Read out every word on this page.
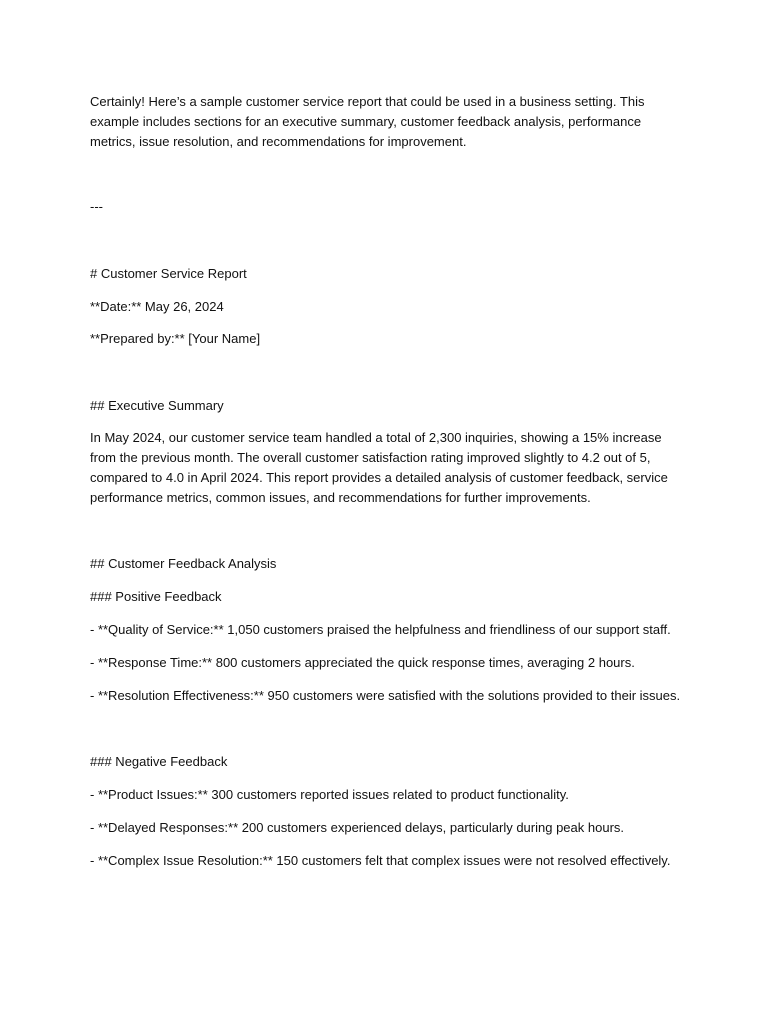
Certainly! Here’s a sample customer service report that could be used in a business setting. This example includes sections for an executive summary, customer feedback analysis, performance metrics, issue resolution, and recommendations for improvement.

---

# Customer Service Report

**Date:** May 26, 2024

**Prepared by:** [Your Name]

## Executive Summary

In May 2024, our customer service team handled a total of 2,300 inquiries, showing a 15% increase from the previous month. The overall customer satisfaction rating improved slightly to 4.2 out of 5, compared to 4.0 in April 2024. This report provides a detailed analysis of customer feedback, service performance metrics, common issues, and recommendations for further improvements.

## Customer Feedback Analysis

### Positive Feedback

- **Quality of Service:** 1,050 customers praised the helpfulness and friendliness of our support staff.

- **Response Time:** 800 customers appreciated the quick response times, averaging 2 hours.

- **Resolution Effectiveness:** 950 customers were satisfied with the solutions provided to their issues.

### Negative Feedback

- **Product Issues:** 300 customers reported issues related to product functionality.

- **Delayed Responses:** 200 customers experienced delays, particularly during peak hours.

- **Complex Issue Resolution:** 150 customers felt that complex issues were not resolved effectively.
